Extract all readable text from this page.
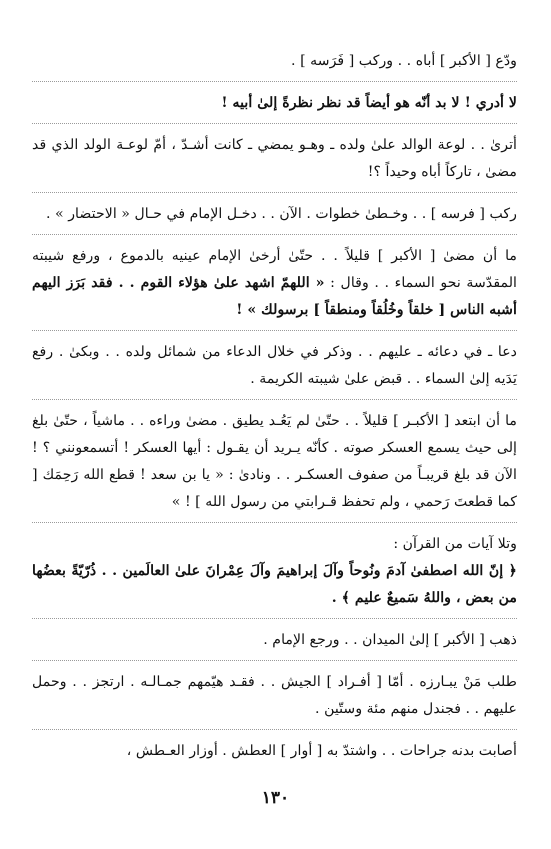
ودّع [ الأكبر ] أباه . . وركب [ فَرَسه ] .

لا أدري ! لا بد أنّه هو أيضاً قد نظر نظرةً إلىٰ أبيه !

أترىٰ . . لوعة الوالد علىٰ ولده ـ وهـو يمضي ـ كانت أشـدّ ، أمّ لوعـة الولد الذي قد مضىٰ ، تاركاً أباه وحيداً ؟!

ركب [ فرسه ] . . وخـطىٰ خطوات . الآن . . دخـل الإمام في حـال « الاحتضار » .

ما أن مضىٰ [ الأكبر ] قليلاً . . حتّىٰ أرخىٰ الإمام عينيه بالدموع ، ورفع شيبته المقدّسة نحو السماء . . وقال : « اللهمّ اشهد علىٰ هؤلاء القوم . . فقد بَرَز اليهم أشبه الناس [ خلقاً وخُلُقاً ومنطقاً ] برسولك » !

دعا ـ في دعائه ـ عليهم . . وذكر في خلال الدعاء من شمائل ولده . . وبكىٰ . رفع يَدَيه إلىٰ السماء . . قبض علىٰ شيبته الكريمة .

ما أن ابتعد [ الأكبـر ] قليلاً . . حتّىٰ لم يَعُـد يطيق . مضىٰ وراءه . . ماشياً ، حتّىٰ بلغ إلى حيث يسمع العسكر صوته . كأنّه يـريد أن يقـول : أيها العسكر ! أتسمعونني ؟ ! الآن قد بلغ قريبـاً من صفوف العسكـر . . ونادىٰ : « يا بن سعد ! قطع الله رَحِمَك [ كما قطعتَ رَحمي ، ولم تحفظ قـرابتي من رسول الله ] ! »

وتلا آيات من القرآن :
﴿ إنّ الله اصطفىٰ آدمَ ونُوحاً وآلَ إبراهيمَ وآلَ عِمْرانَ علىٰ العالَمين . . ذُرّيّةً بعضُها من بعض ، واللهُ سَميعٌ عليم ﴾ .

ذهب [ الأكبر ] إلىٰ الميدان . . ورجع الإمام .

طلب مَنْ يبـارزه . أمّا [ أفـراد ] الجيش . . فقـد هيّمهم جمـالـه . ارتجز . . وحمل عليهم . . فجندل منهم مئة وستّين .

أصابت بدنه جراحات . . واشتدّ به [ أوار ] العطش . أوزار العـطش ،

١٣٠
